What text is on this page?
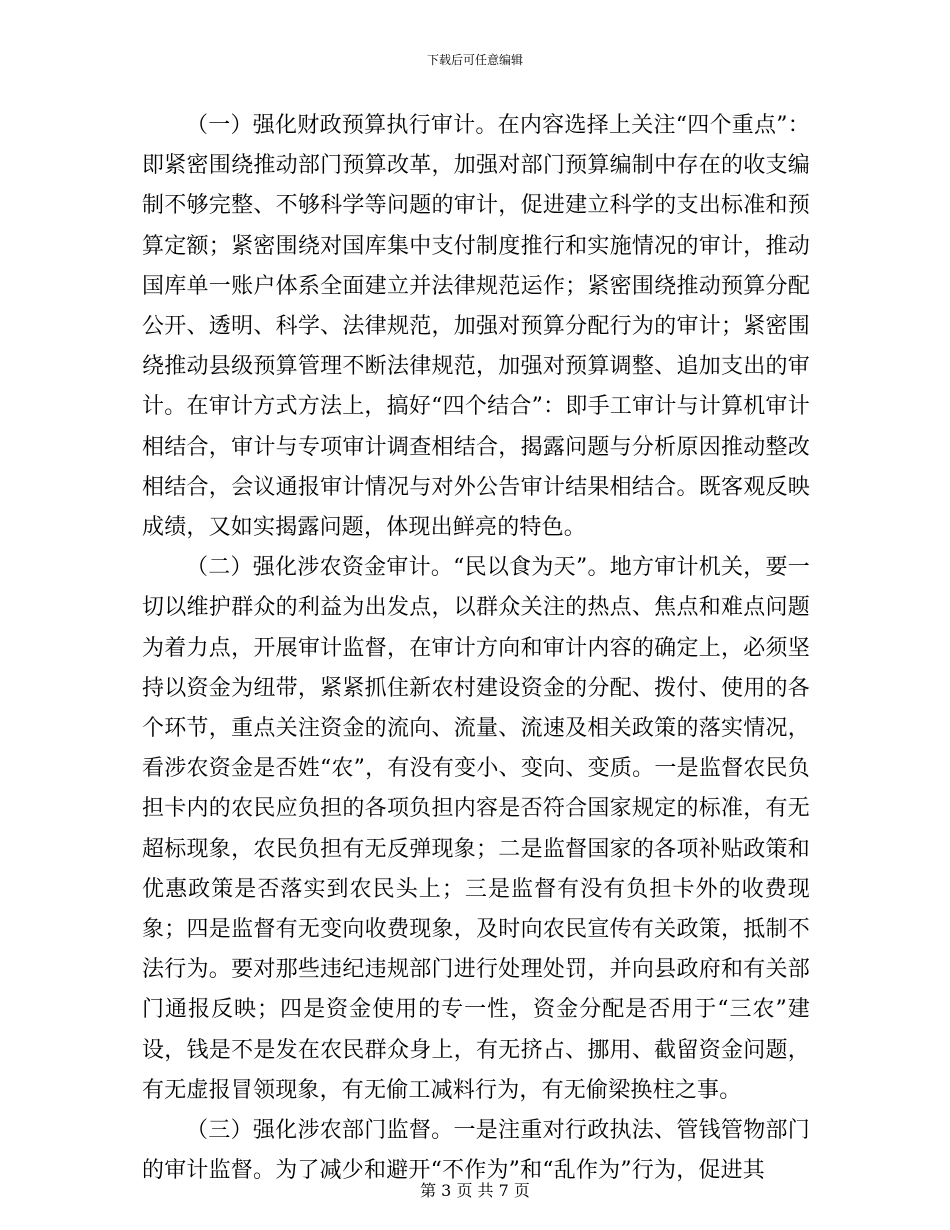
下载后可任意编辑

（一）强化财政预算执行审计。在内容选择上关注“四个重点”：即紧密围绕推动部门预算改革，加强对部门预算编制中存在的收支编制不够完整、不够科学等问题的审计，促进建立科学的支出标准和预算定额；紧密围绕对国库集中支付制度推行和实施情况的审计，推动国库单一账户体系全面建立并法律规范运作；紧密围绕推动预算分配公开、透明、科学、法律规范，加强对预算分配行为的审计；紧密围绕推动县级预算管理不断法律规范，加强对预算调整、追加支出的审计。在审计方式方法上，搞好“四个结合”：即手工审计与计算机审计相结合，审计与专项审计调查相结合，揭露问题与分析原因推动整改相结合，会议通报审计情况与对外公告审计结果相结合。既客观反映成绩，又如实揭露问题，体现出鲜亮的特色。

（二）强化涉农资金审计。“民以食为天”。地方审计机关，要一切以维护群众的利益为出发点，以群众关注的热点、焦点和难点问题为着力点，开展审计监督，在审计方向和审计内容的确定上，必须坚持以资金为纽带，紧紧抓住新农村建设资金的分配、拨付、使用的各个环节，重点关注资金的流向、流量、流速及相关政策的落实情况，看涉农资金是否姓“农”，有没有变小、变向、变质。一是监督农民负担卡内的农民应负担的各项负担内容是否符合国家规定的标准，有无超标现象，农民负担有无反弹现象；二是监督国家的各项补贴政策和优惠政策是否落实到农民头上；三是监督有没有负担卡外的收费现象；四是监督有无变向收费现象，及时向农民宣传有关政策，抵制不法行为。要对那些违纪违规部门进行处理处罚，并向县政府和有关部门通报反映；四是资金使用的专一性，资金分配是否用于“三农”建设，钱是不是发在农民群众身上，有无挤占、挪用、截留资金问题，有无虚报冒领现象，有无偷工减料行为，有无偷梁换柱之事。

（三）强化涉农部门监督。一是注重对行政执法、管钱管物部门的审计监督。为了减少和避开“不作为”和“乱作为”行为，促进其

第 3 页 共 7 页
